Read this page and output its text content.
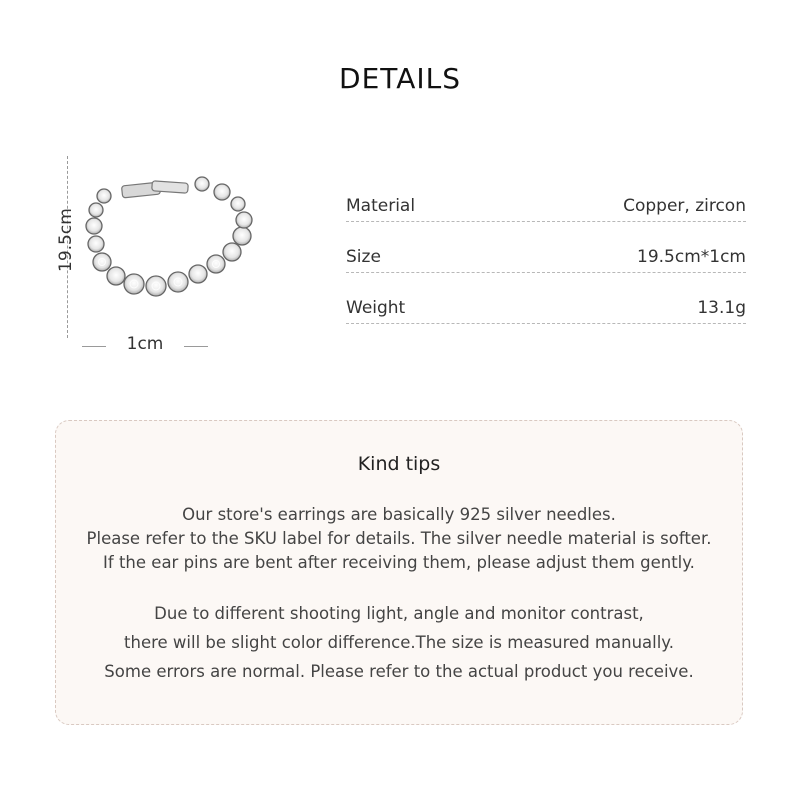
DETAILS
19.5cm
1cm
Material	Copper, zircon
Size	19.5cm*1cm
Weight	13.1g
Kind tips
Our store's earrings are basically 925 silver needles.
Please refer to the SKU label for details. The silver needle material is softer.
If the ear pins are bent after receiving them, please adjust them gently.
Due to different shooting light, angle and monitor contrast,
there will be slight color difference.The size is measured manually.
Some errors are normal. Please refer to the actual product you receive.
